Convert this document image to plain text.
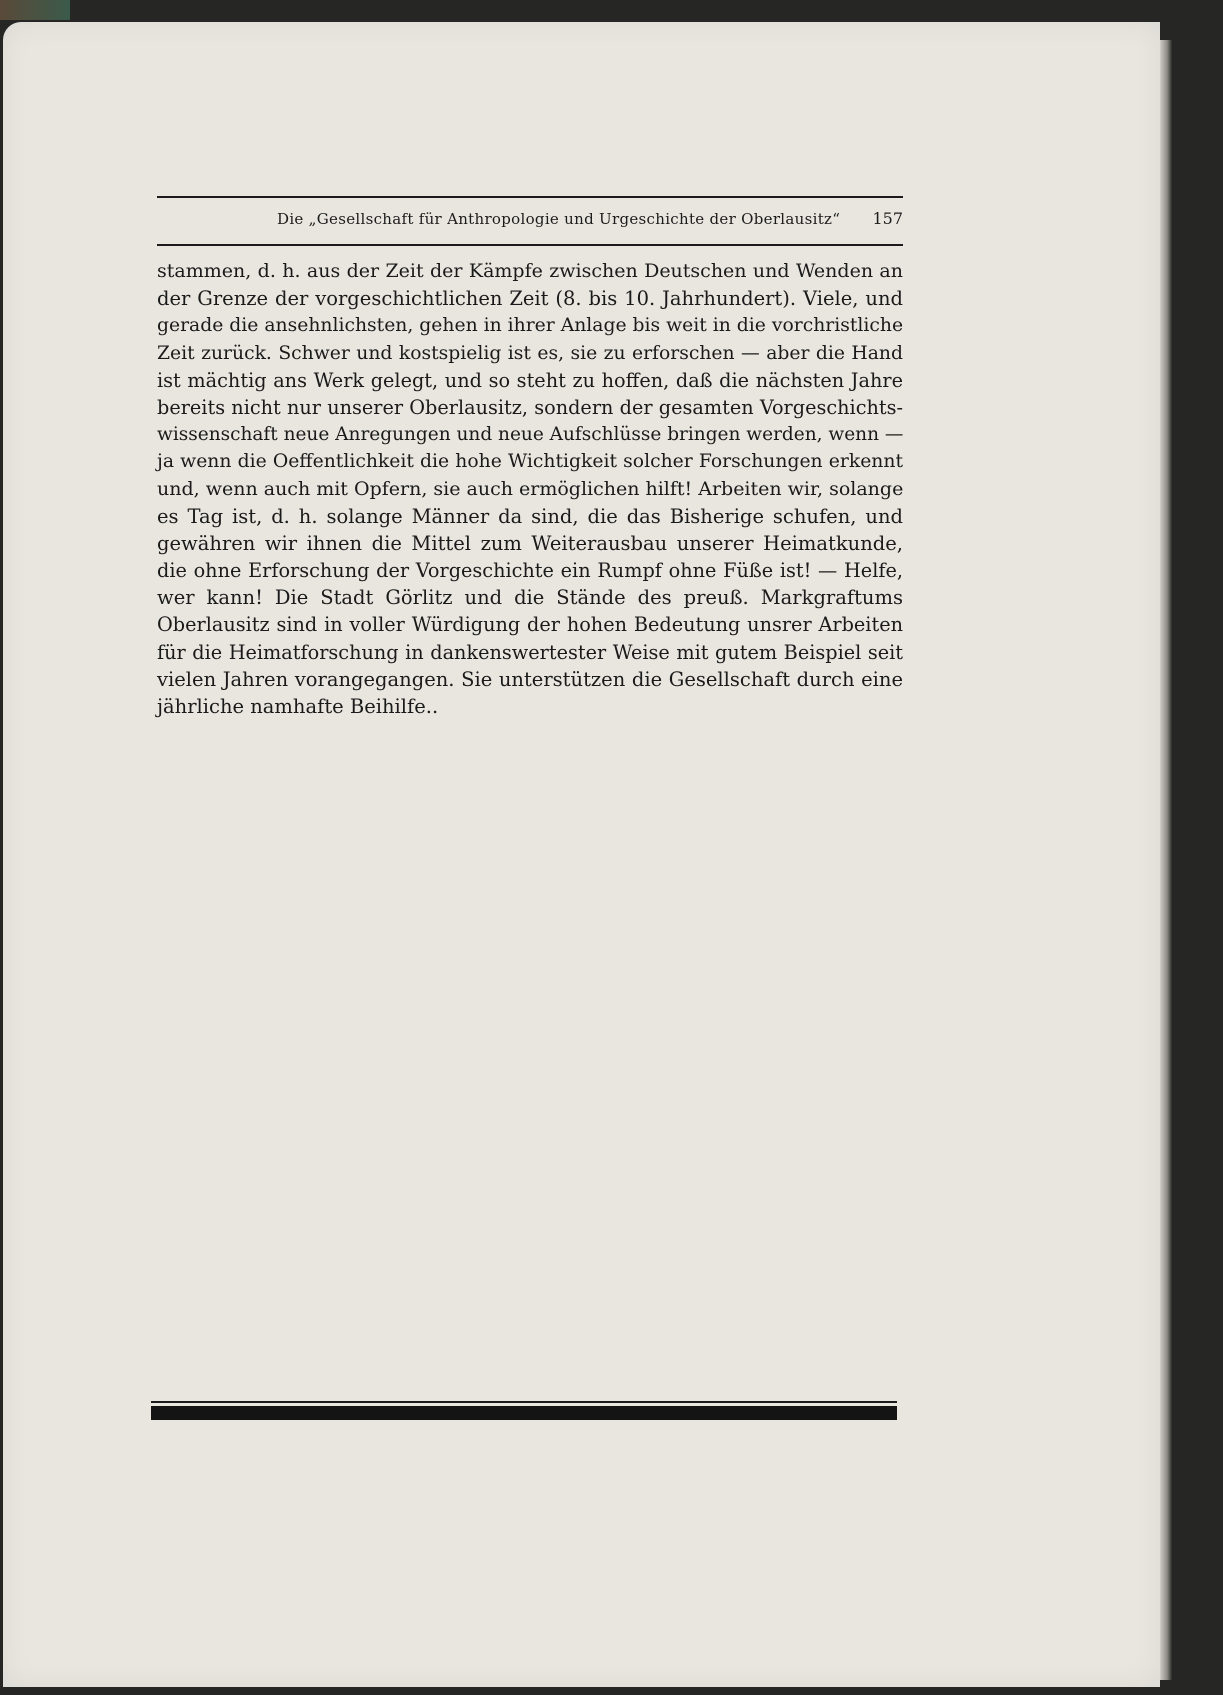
Die „Gesellschaft für Anthropologie und Urgeschichte der Oberlausitz“ 157
stammen, d. h. aus der Zeit der Kämpfe zwischen Deutschen und Wenden an
der Grenze der vorgeschichtlichen Zeit (8. bis 10. Jahrhundert). Viele, und
gerade die ansehnlichsten, gehen in ihrer Anlage bis weit in die vorchristliche
Zeit zurück. Schwer und kostspielig ist es, sie zu erforschen — aber die Hand
ist mächtig ans Werk gelegt, und so steht zu hoffen, daß die nächsten Jahre
bereits nicht nur unserer Oberlausitz, sondern der gesamten Vorgeschichts-
wissenschaft neue Anregungen und neue Aufschlüsse bringen werden, wenn —
ja wenn die Oeffentlichkeit die hohe Wichtigkeit solcher Forschungen erkennt
und, wenn auch mit Opfern, sie auch ermöglichen hilft! Arbeiten wir, solange
es Tag ist, d. h. solange Männer da sind, die das Bisherige schufen, und
gewähren wir ihnen die Mittel zum Weiterausbau unserer Heimatkunde,
die ohne Erforschung der Vorgeschichte ein Rumpf ohne Füße ist! — Helfe,
wer kann! Die Stadt Görlitz und die Stände des preuß. Markgraftums
Oberlausitz sind in voller Würdigung der hohen Bedeutung unsrer Arbeiten
für die Heimatforschung in dankenswertester Weise mit gutem Beispiel seit
vielen Jahren vorangegangen. Sie unterstützen die Gesellschaft durch eine
jährliche namhafte Beihilfe..
